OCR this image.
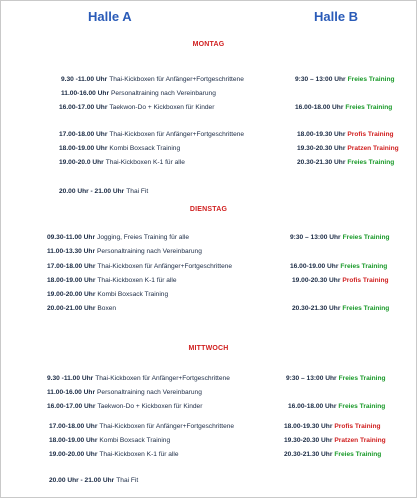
Halle A	Halle B
MONTAG
9.30 -11.00 Uhr Thai-Kickboxen für Anfänger+Fortgeschrittene
11.00-16.00 Uhr Personaltraining nach Vereinbarung
16.00-17.00 Uhr Taekwon-Do + Kickboxen für Kinder
17.00-18.00 Uhr Thai-Kickboxen für Anfänger+Fortgeschrittene
18.00-19.00 Uhr Kombi Boxsack Training
19.00-20.0 Uhr Thai-Kickboxen K-1 für alle
20.00 Uhr - 21.00 Uhr Thai Fit
9:30 – 13:00 Uhr Freies Training
16.00-18.00 Uhr Freies Training
18.00-19.30 Uhr Profis Training
19.30-20.30 Uhr Pratzen Training
20.30-21.30 Uhr Freies Training
DIENSTAG
09.30-11.00 Uhr Jogging, Freies Training für alle
11.00-13.30 Uhr Personaltraining nach Vereinbarung
17.00-18.00 Uhr Thai-Kickboxen für Anfänger+Fortgeschrittene
18.00-19.00 Uhr Thai-Kickboxen K-1 für alle
19.00-20.00 Uhr Kombi Boxsack Training
20.00-21.00 Uhr Boxen
9:30 – 13:00 Uhr Freies Training
16.00-19.00 Uhr Freies Training
19.00-20.30 Uhr Profis Training
20.30-21.30 Uhr Freies Training
MITTWOCH
9.30 -11.00 Uhr Thai-Kickboxen für Anfänger+Fortgeschrittene
11.00-16.00 Uhr Personaltraining nach Vereinbarung
16.00-17.00 Uhr Taekwon-Do + Kickboxen für Kinder
17.00-18.00 Uhr Thai-Kickboxen für Anfänger+Fortgeschrittene
18.00-19.00 Uhr Kombi Boxsack Training
19.00-20.00 Uhr Thai-Kickboxen K-1 für alle
20.00 Uhr - 21.00 Uhr Thai Fit
9:30 – 13:00 Uhr Freies Training
16.00-18.00 Uhr Freies Training
18.00-19.30 Uhr Profis Training
19.30-20.30 Uhr Pratzen Training
20.30-21.30 Uhr Freies Training
